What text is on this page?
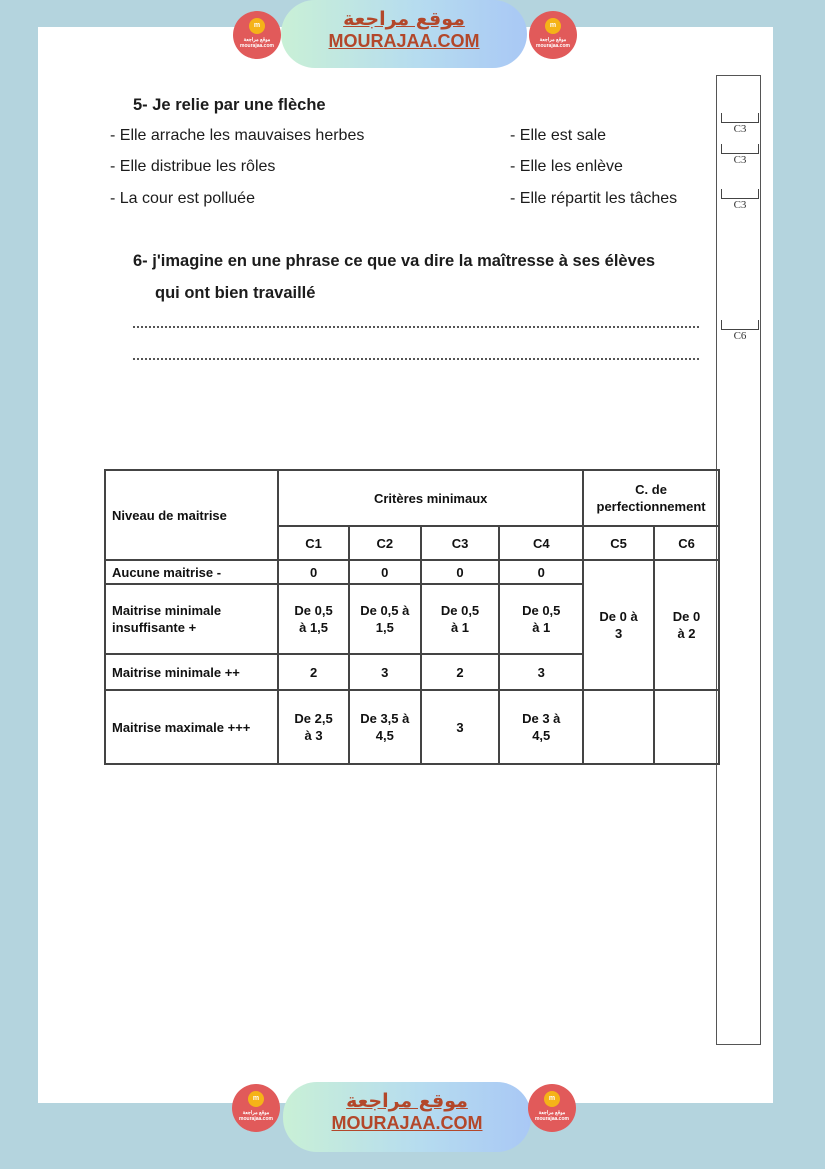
m
موقع مراجعة mourajaa.com
موقع مراجعة
MOURAJAA.COM
m
موقع مراجعة mourajaa.com
C3
C3
C3
C6
5- Je relie par une flèche
- Elle arrache les mauvaises herbes
- Elle distribue les rôles
- La cour est polluée
- Elle est sale
- Elle les enlève
- Elle répartit les tâches
6- j'imagine en une phrase ce que va dire la maîtresse à ses élèves
qui ont bien travaillé
Niveau de maitrise	Critères minimaux				C. de perfectionnement	
	C1	C2	C3	C4	C5	C6
Aucune maitrise -	0	0	0	0	De 0 à 3	De 0 à 2
Maitrise minimale insuffisante +	De 0,5 à 1,5	De 0,5 à 1,5	De 0,5 à 1	De 0,5 à 1		
Maitrise minimale ++	2	3	2	3		
Maitrise maximale +++	De 2,5 à 3	De 3,5 à 4,5	3	De 3 à 4,5		
m
موقع مراجعة mourajaa.com
موقع مراجعة
MOURAJAA.COM
m
موقع مراجعة mourajaa.com
